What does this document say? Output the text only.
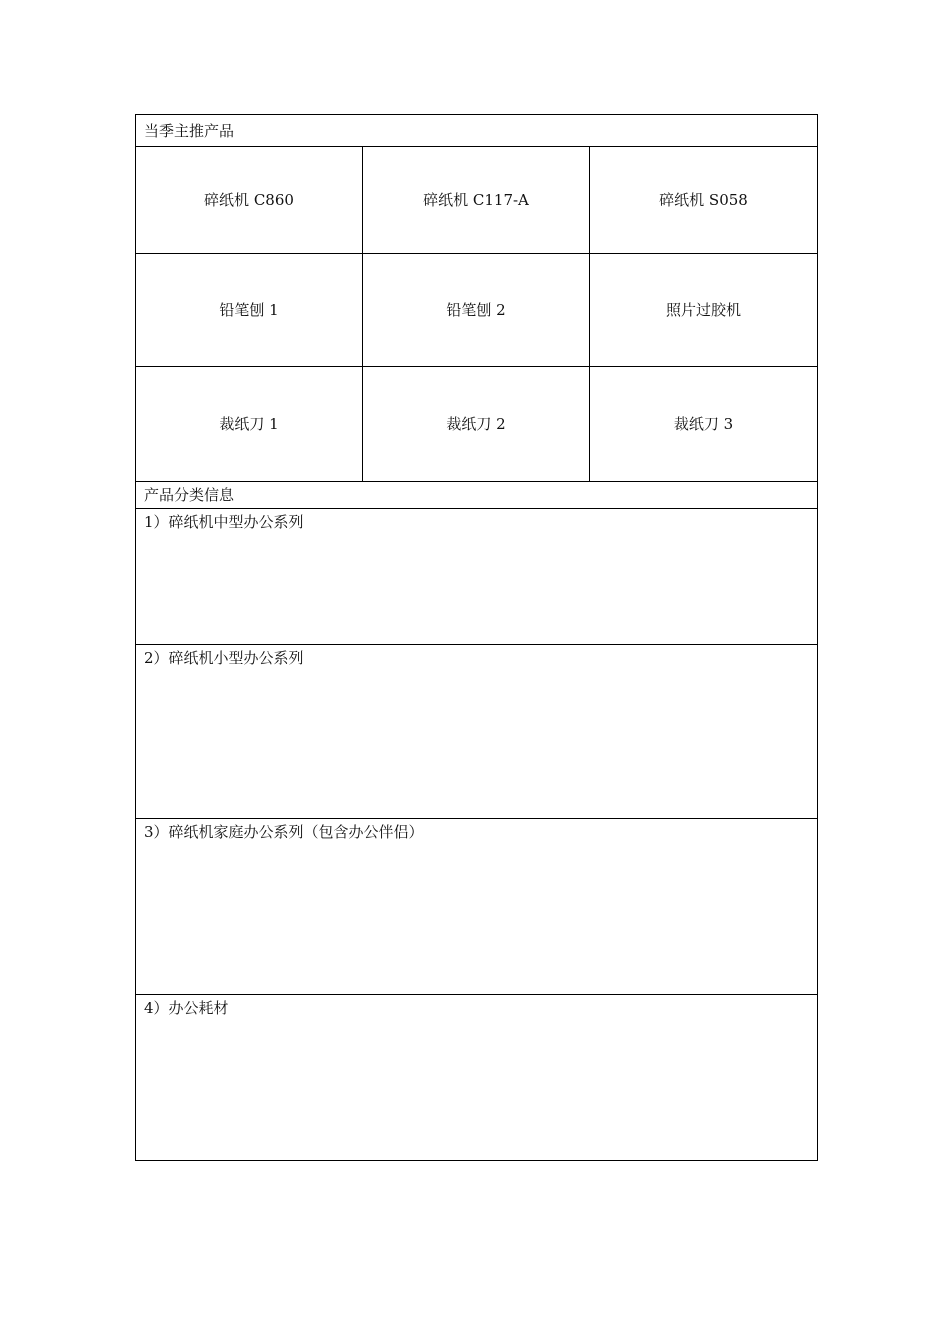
当季主推产品		
碎纸机 C860	碎纸机 C117-A	碎纸机 S058
铅笔刨 1	铅笔刨 2	照片过胶机
裁纸刀 1	裁纸刀 2	裁纸刀 3
产品分类信息		
1）碎纸机中型办公系列		
2）碎纸机小型办公系列		
3）碎纸机家庭办公系列（包含办公伴侣）		
4）办公耗材		
